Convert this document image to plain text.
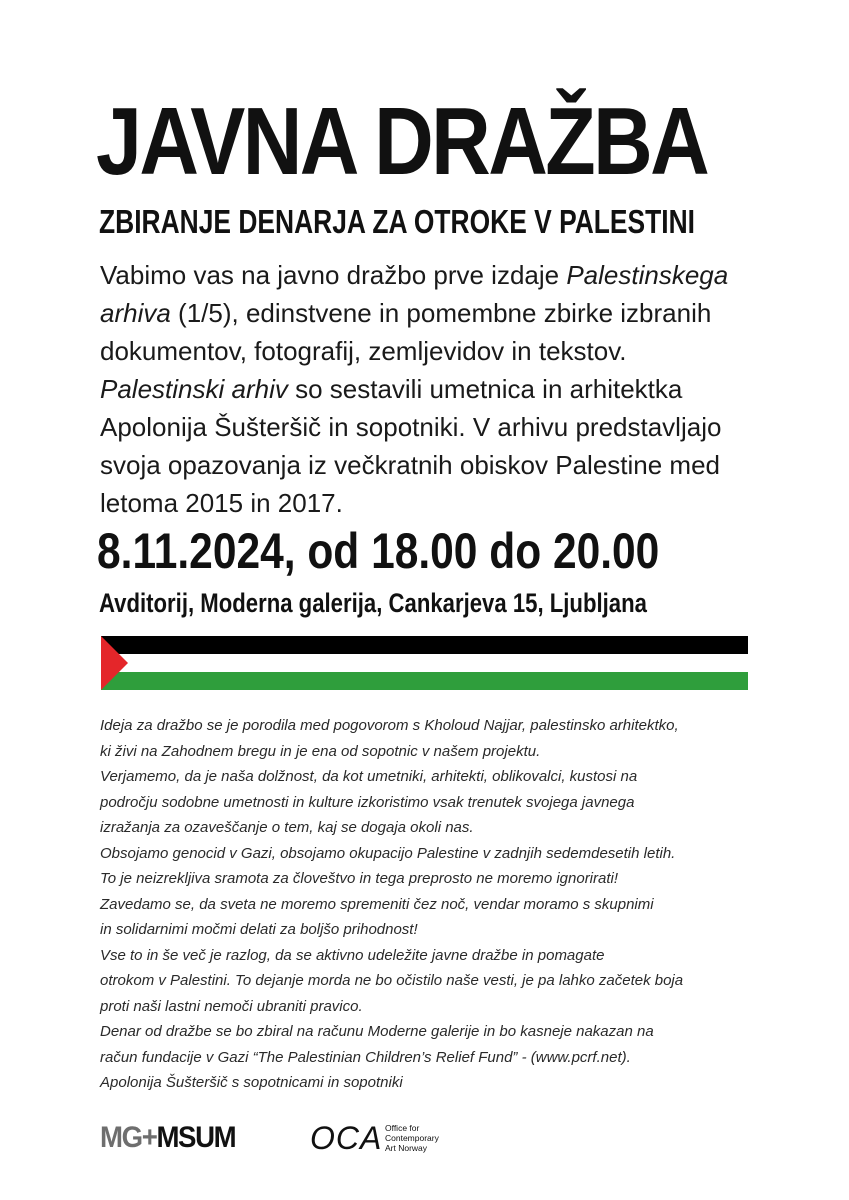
JAVNA DRAŽBA
ZBIRANJE DENARJA ZA OTROKE V PALESTINI
Vabimo vas na javno dražbo prve izdaje Palestinskega
arhiva (1/5), edinstvene in pomembne zbirke izbranih
dokumentov, fotografij, zemljevidov in tekstov.
Palestinski arhiv so sestavili umetnica in arhitektka
Apolonija Šušteršič in sopotniki. V arhivu predstavljajo
svoja opazovanja iz večkratnih obiskov Palestine med
letoma 2015 in 2017.
8.11.2024, od 18.00 do 20.00
Avditorij, Moderna galerija, Cankarjeva 15, Ljubljana
Ideja za dražbo se je porodila med pogovorom s Kholoud Najjar, palestinsko arhitektko,
ki živi na Zahodnem bregu in je ena od sopotnic v našem projektu.
Verjamemo, da je naša dolžnost, da kot umetniki, arhitekti, oblikovalci, kustosi na
področju sodobne umetnosti in kulture izkoristimo vsak trenutek svojega javnega
izražanja za ozaveščanje o tem, kaj se dogaja okoli nas.
Obsojamo genocid v Gazi, obsojamo okupacijo Palestine v zadnjih sedemdesetih letih.
To je neizrekljiva sramota za človeštvo in tega preprosto ne moremo ignorirati!
Zavedamo se, da sveta ne moremo spremeniti čez noč, vendar moramo s skupnimi
in solidarnimi močmi delati za boljšo prihodnost!
Vse to in še več je razlog, da se aktivno udeležite javne dražbe in pomagate
otrokom v Palestini. To dejanje morda ne bo očistilo naše vesti, je pa lahko začetek boja
proti naši lastni nemoči ubraniti pravico.
Denar od dražbe se bo zbiral na računu Moderne galerije in bo kasneje nakazan na
račun fundacije v Gazi “The Palestinian Children’s Relief Fund” - (www.pcrf.net).
Apolonija Šušteršič s sopotnicami in sopotniki
MG+MSUM OCA Office for
Contemporary
Art Norway
